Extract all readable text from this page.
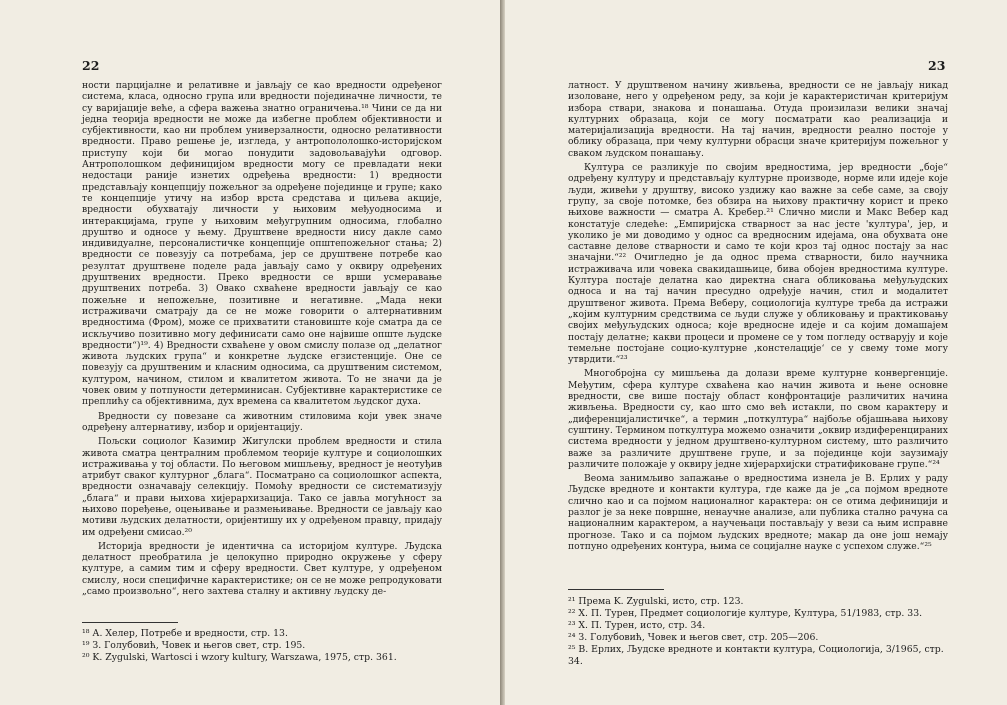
22

ности парцијалне и релативне и јављају се као вредности одређеног система, класа, односно група или вредности појединачне личности, те су варијације веће, а сфера важења знатно ограничења.¹⁸ Чини се да ни једна теорија вредности не може да избегне проблем објективности и субјективности, као ни проблем универзалности, односно релативности вредности. Право решење је, изгледа, у антропололошко-историјском приступу који би могао понудити задовољавајући одговор. Антрополошком дефиницијом вредности могу се превладати неки недостаци раније изнетих одређења вредности: 1) вредности представљају концепцију пожељног за одређене појединце и групе; како те концепције утичу на избор врста средстава и циљева акције, вредности обухватају личности у њиховим међуодносима и интеракцијама, групе у њиховим међугрупним односима, глобално друштво и односе у њему. Друштвене вредности нису дакле само индивидуалне, персоналистичке концепције општепожељног стања; 2) вредности се повезују са потребама, јер се друштвене потребе као резултат друштвене поделе рада јављају само у оквиру одређених друштвених вредности. Преко вредности се врши усмеравање друштвених потреба. 3) Овако схваћене вредности јављају се као пожељне и непожељне, позитивне и негативне. „Мада неки истраживачи сматрају да се не може говорити о алтернативним вредностима (Фром), може се прихватити становиште које сматра да се искључиво позитивно могу дефинисати само оне највише опште људске вредности“)¹⁹. 4) Вредности схваћене у овом смислу полазе од „делатног живота људских група“ и конкретне људске егзистенције. Оне се повезују са друштвеним и класним односима, са друштвеним системом, културом, начином, стилом и квалитетом живота. То не значи да је човек овим у потпуности детерминисан. Субјективне карактеристике се преплићу са објективнима, дух времена са квалитетом људског духа.

Вредности су повезане са животним стиловима који увек значе одређену алтернативу, избор и оријентацију.

Пољски социолог Казимир Жигулски проблем вредности и стила живота сматра централним проблемом теорије културе и социолошких истраживања у тој области. По његовом мишљењу, вредност је неотуђив атрибут сваког културног „блага“. Посматрано са социолошког аспекта, вредности означавају селекцију. Помоћу вредности се систематизују „блага“ и прави њихова хијерархизација. Тако се јавља могућност за њихово поређење, оцењивање и размењивање. Вредности се јављају као мотиви људских делатности, оријентишу их у одређеном правцу, придају им одређени смисао.²⁰

Историја вредности је идентична са историјом културе. Људска делатност преобратила је целокупно природно окружење у сферу културе, а самим тим и сферу вредности. Свет културе, у одређеном смислу, носи специфичне карактеристике; он се не може репродуковати „само произвољно“, него захтева сталну и активну људску де-

¹⁸ А. Хелер, Потребе и вредности, стр. 13.
¹⁹ З. Голубовић, Човек и његов свет, стр. 195.
²⁰ K. Zygulski, Wartosci i wzory kultury, Warszawa, 1975, стр. 361.
23

латност. У друштвеном начину живљења, вредности се не јављају никад изоловане, него у одређеном реду, за који је карактеристичан критеријум избора ствари, знакова и понашања. Отуда произилази велики значај културних образаца, који се могу посматрати као реализација и материјализација вредности. На тај начин, вредности реално постоје у облику образаца, при чему културни обрасци значе критеријум пожељног у сваком људском понашању.

Култура се разликује по својим вредностима, јер вредности „боје“ одређену културу и представљају културне производе, норме или идеје које људи, живећи у друштву, високо уздижу као важне за себе саме, за своју групу, за своје потомке, без обзира на њихову практичну корист и преко њихове важности — сматра А. Кребер.²¹ Слично мисли и Макс Вебер кад констатује следеће: „Емпиријска стварност за нас јесте 'култура', јер, и уколико је ми доводимо у однос са вредносним идејама, она обухвата оне саставне делове стварности и само те који кроз тај однос постају за нас значајни.“²² Очигледно је да однос према стварности, било научника истраживача или човека свакидашњице, бива обојен вредностима културе. Култура постаје делатна као директна снага обликовања међуљудских односа и на тај начин пресудно одређује начин, стил и модалитет друштвеног живота. Према Веберу, социологија културе треба да истражи „којим културним средствима се људи служе у обликовању и практиковању својих међуљудских односа; које вредносне идеје и са којим домашајем постају делатне; какви процеси и промене се у том погледу остварују и које темељне постојане социо-културне ‚констелације‘ се у свему томе могу утврдити.“²³

Многобројна су мишљења да долази време културне конвергенције. Међутим, сфера културе схваћена као начин живота и њене основне вредности, све више постају област конфронтације различитих начина живљења. Вредности су, као што смо већ истакли, по свом карактеру и „диференцијалистичке“, а термин „поткултура“ најбоље објашњава њихову суштину. Термином поткултура можемо означити „оквир издиференцираних система вредности у једном друштвено-културном систему, што различито важе за различите друштвене групе, и за појединце који заузимају различите положаје у оквиру једне хијерархијски стратификоване групе.“²⁴

Веома занимљиво запажање о вредностима изнела је В. Ерлих у раду Људске вредноте и контакти култура, где каже да је „са појмом вредноте слично као и са појмом националног карактера: он се отима дефиницији и разлог је за неке површне, ненаучне анализе, али публика стално рачуна са националним карактером, а научењаци постављају у вези са њим исправне прогнозе. Тако и са појмом људских вредноте; макар да оне још немају потпуно одређених контура, њима се социјалне науке с успехом служе.“²⁵

²¹ Према K. Zygulski, исто, стр. 123.
²² Х. П. Турен, Предмет социологије културе, Култура, 51/1983, стр. 33.
²³ Х. П. Турен, исто, стр. 34.
²⁴ З. Голубовић, Човек и његов свет, стр. 205—206.
²⁵ В. Ерлих, Људске вредноте и контакти култура, Социологија, 3/1965, стр. 34.
